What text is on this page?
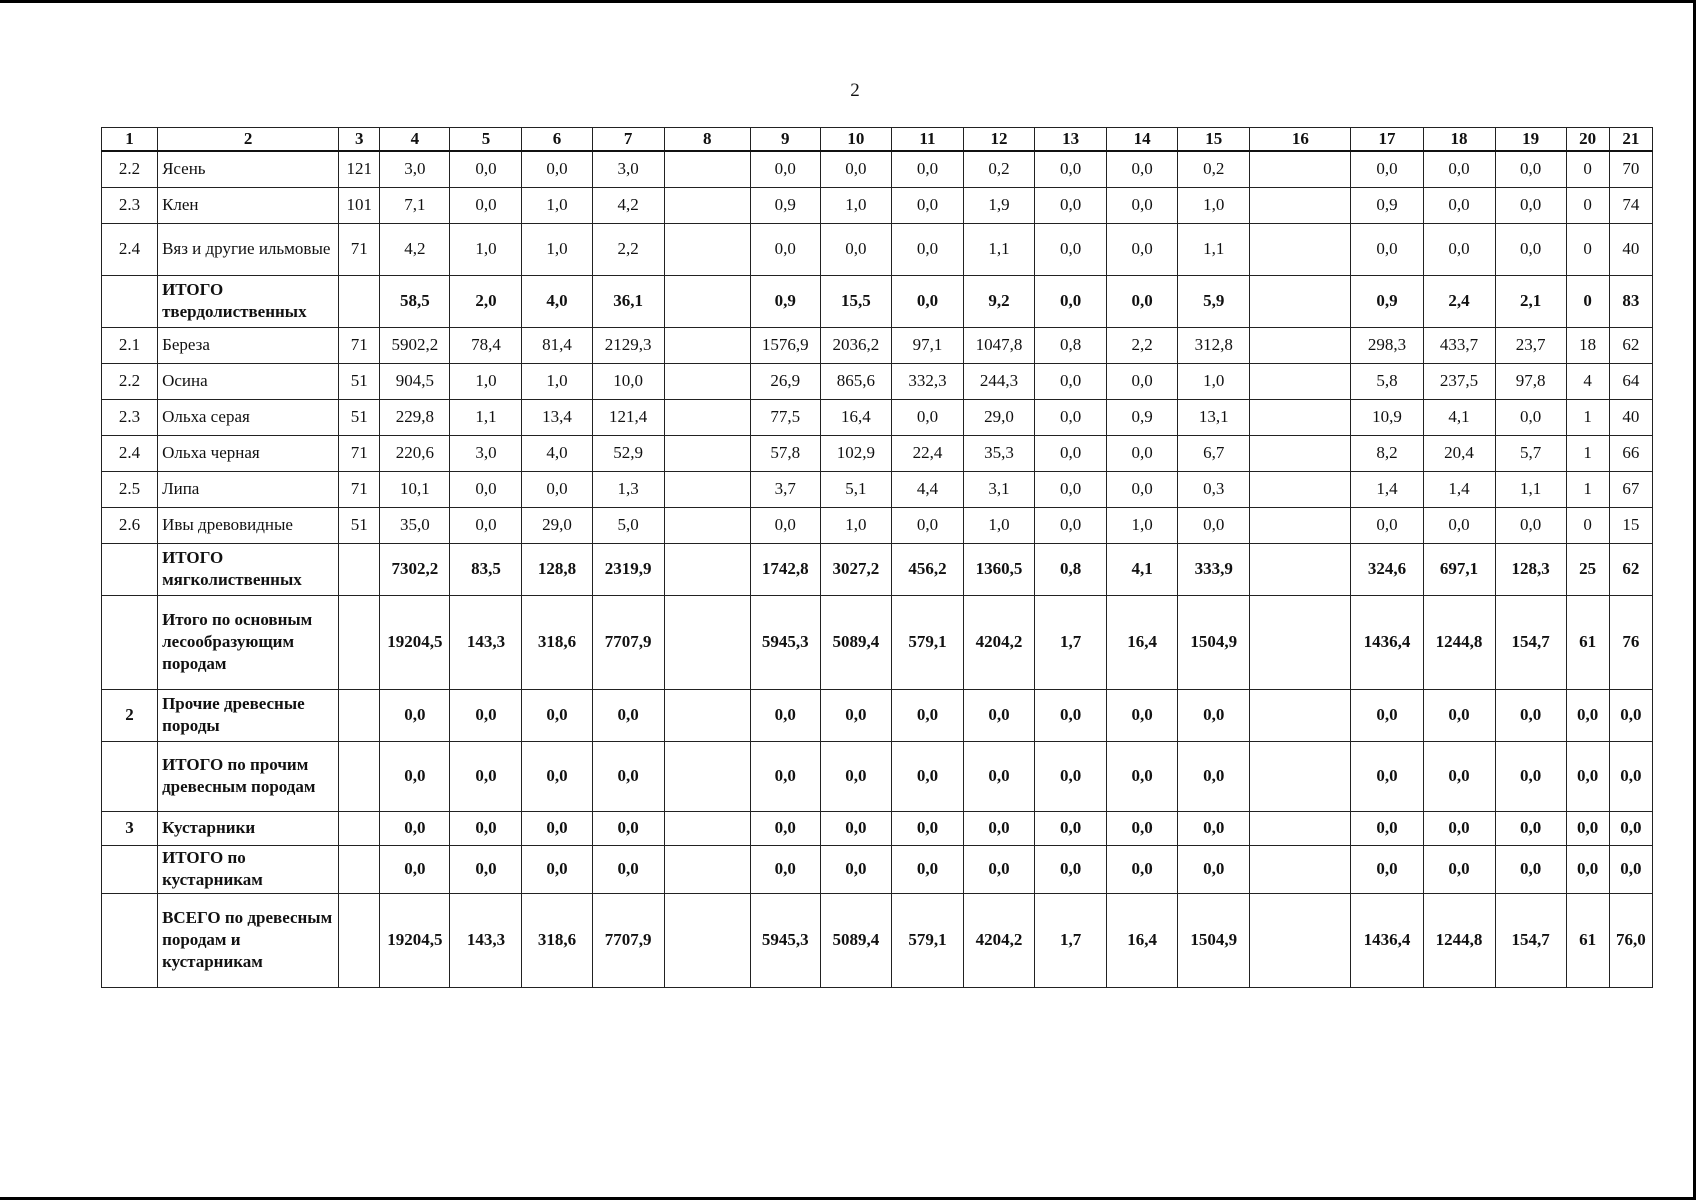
2
1	2	3	4	5	6	7	8	9	10	11	12	13	14	15	16	17	18	19	20	21
2.2	Ясень	121	3,0	0,0	0,0	3,0		0,0	0,0	0,0	0,2	0,0	0,0	0,2		0,0	0,0	0,0	0	70
2.3	Клен	101	7,1	0,0	1,0	4,2		0,9	1,0	0,0	1,9	0,0	0,0	1,0		0,9	0,0	0,0	0	74
2.4	Вяз и другие ильмовые	71	4,2	1,0	1,0	2,2		0,0	0,0	0,0	1,1	0,0	0,0	1,1		0,0	0,0	0,0	0	40
	ИТОГО твердолиственных		58,5	2,0	4,0	36,1		0,9	15,5	0,0	9,2	0,0	0,0	5,9		0,9	2,4	2,1	0	83
2.1	Береза	71	5902,2	78,4	81,4	2129,3		1576,9	2036,2	97,1	1047,8	0,8	2,2	312,8		298,3	433,7	23,7	18	62
2.2	Осина	51	904,5	1,0	1,0	10,0		26,9	865,6	332,3	244,3	0,0	0,0	1,0		5,8	237,5	97,8	4	64
2.3	Ольха серая	51	229,8	1,1	13,4	121,4		77,5	16,4	0,0	29,0	0,0	0,9	13,1		10,9	4,1	0,0	1	40
2.4	Ольха черная	71	220,6	3,0	4,0	52,9		57,8	102,9	22,4	35,3	0,0	0,0	6,7		8,2	20,4	5,7	1	66
2.5	Липа	71	10,1	0,0	0,0	1,3		3,7	5,1	4,4	3,1	0,0	0,0	0,3		1,4	1,4	1,1	1	67
2.6	Ивы древовидные	51	35,0	0,0	29,0	5,0		0,0	1,0	0,0	1,0	0,0	1,0	0,0		0,0	0,0	0,0	0	15
	ИТОГО мягколиственных		7302,2	83,5	128,8	2319,9		1742,8	3027,2	456,2	1360,5	0,8	4,1	333,9		324,6	697,1	128,3	25	62
	Итого по основным лесообразующим породам		19204,5	143,3	318,6	7707,9		5945,3	5089,4	579,1	4204,2	1,7	16,4	1504,9		1436,4	1244,8	154,7	61	76
2	Прочие древесные породы		0,0	0,0	0,0	0,0		0,0	0,0	0,0	0,0	0,0	0,0	0,0		0,0	0,0	0,0	0,0	0,0
	ИТОГО по прочим древесным породам		0,0	0,0	0,0	0,0		0,0	0,0	0,0	0,0	0,0	0,0	0,0		0,0	0,0	0,0	0,0	0,0
3	Кустарники		0,0	0,0	0,0	0,0		0,0	0,0	0,0	0,0	0,0	0,0	0,0		0,0	0,0	0,0	0,0	0,0
	ИТОГО по кустарникам		0,0	0,0	0,0	0,0		0,0	0,0	0,0	0,0	0,0	0,0	0,0		0,0	0,0	0,0	0,0	0,0
	ВСЕГО по древесным породам и кустарникам		19204,5	143,3	318,6	7707,9		5945,3	5089,4	579,1	4204,2	1,7	16,4	1504,9		1436,4	1244,8	154,7	61	76,0
